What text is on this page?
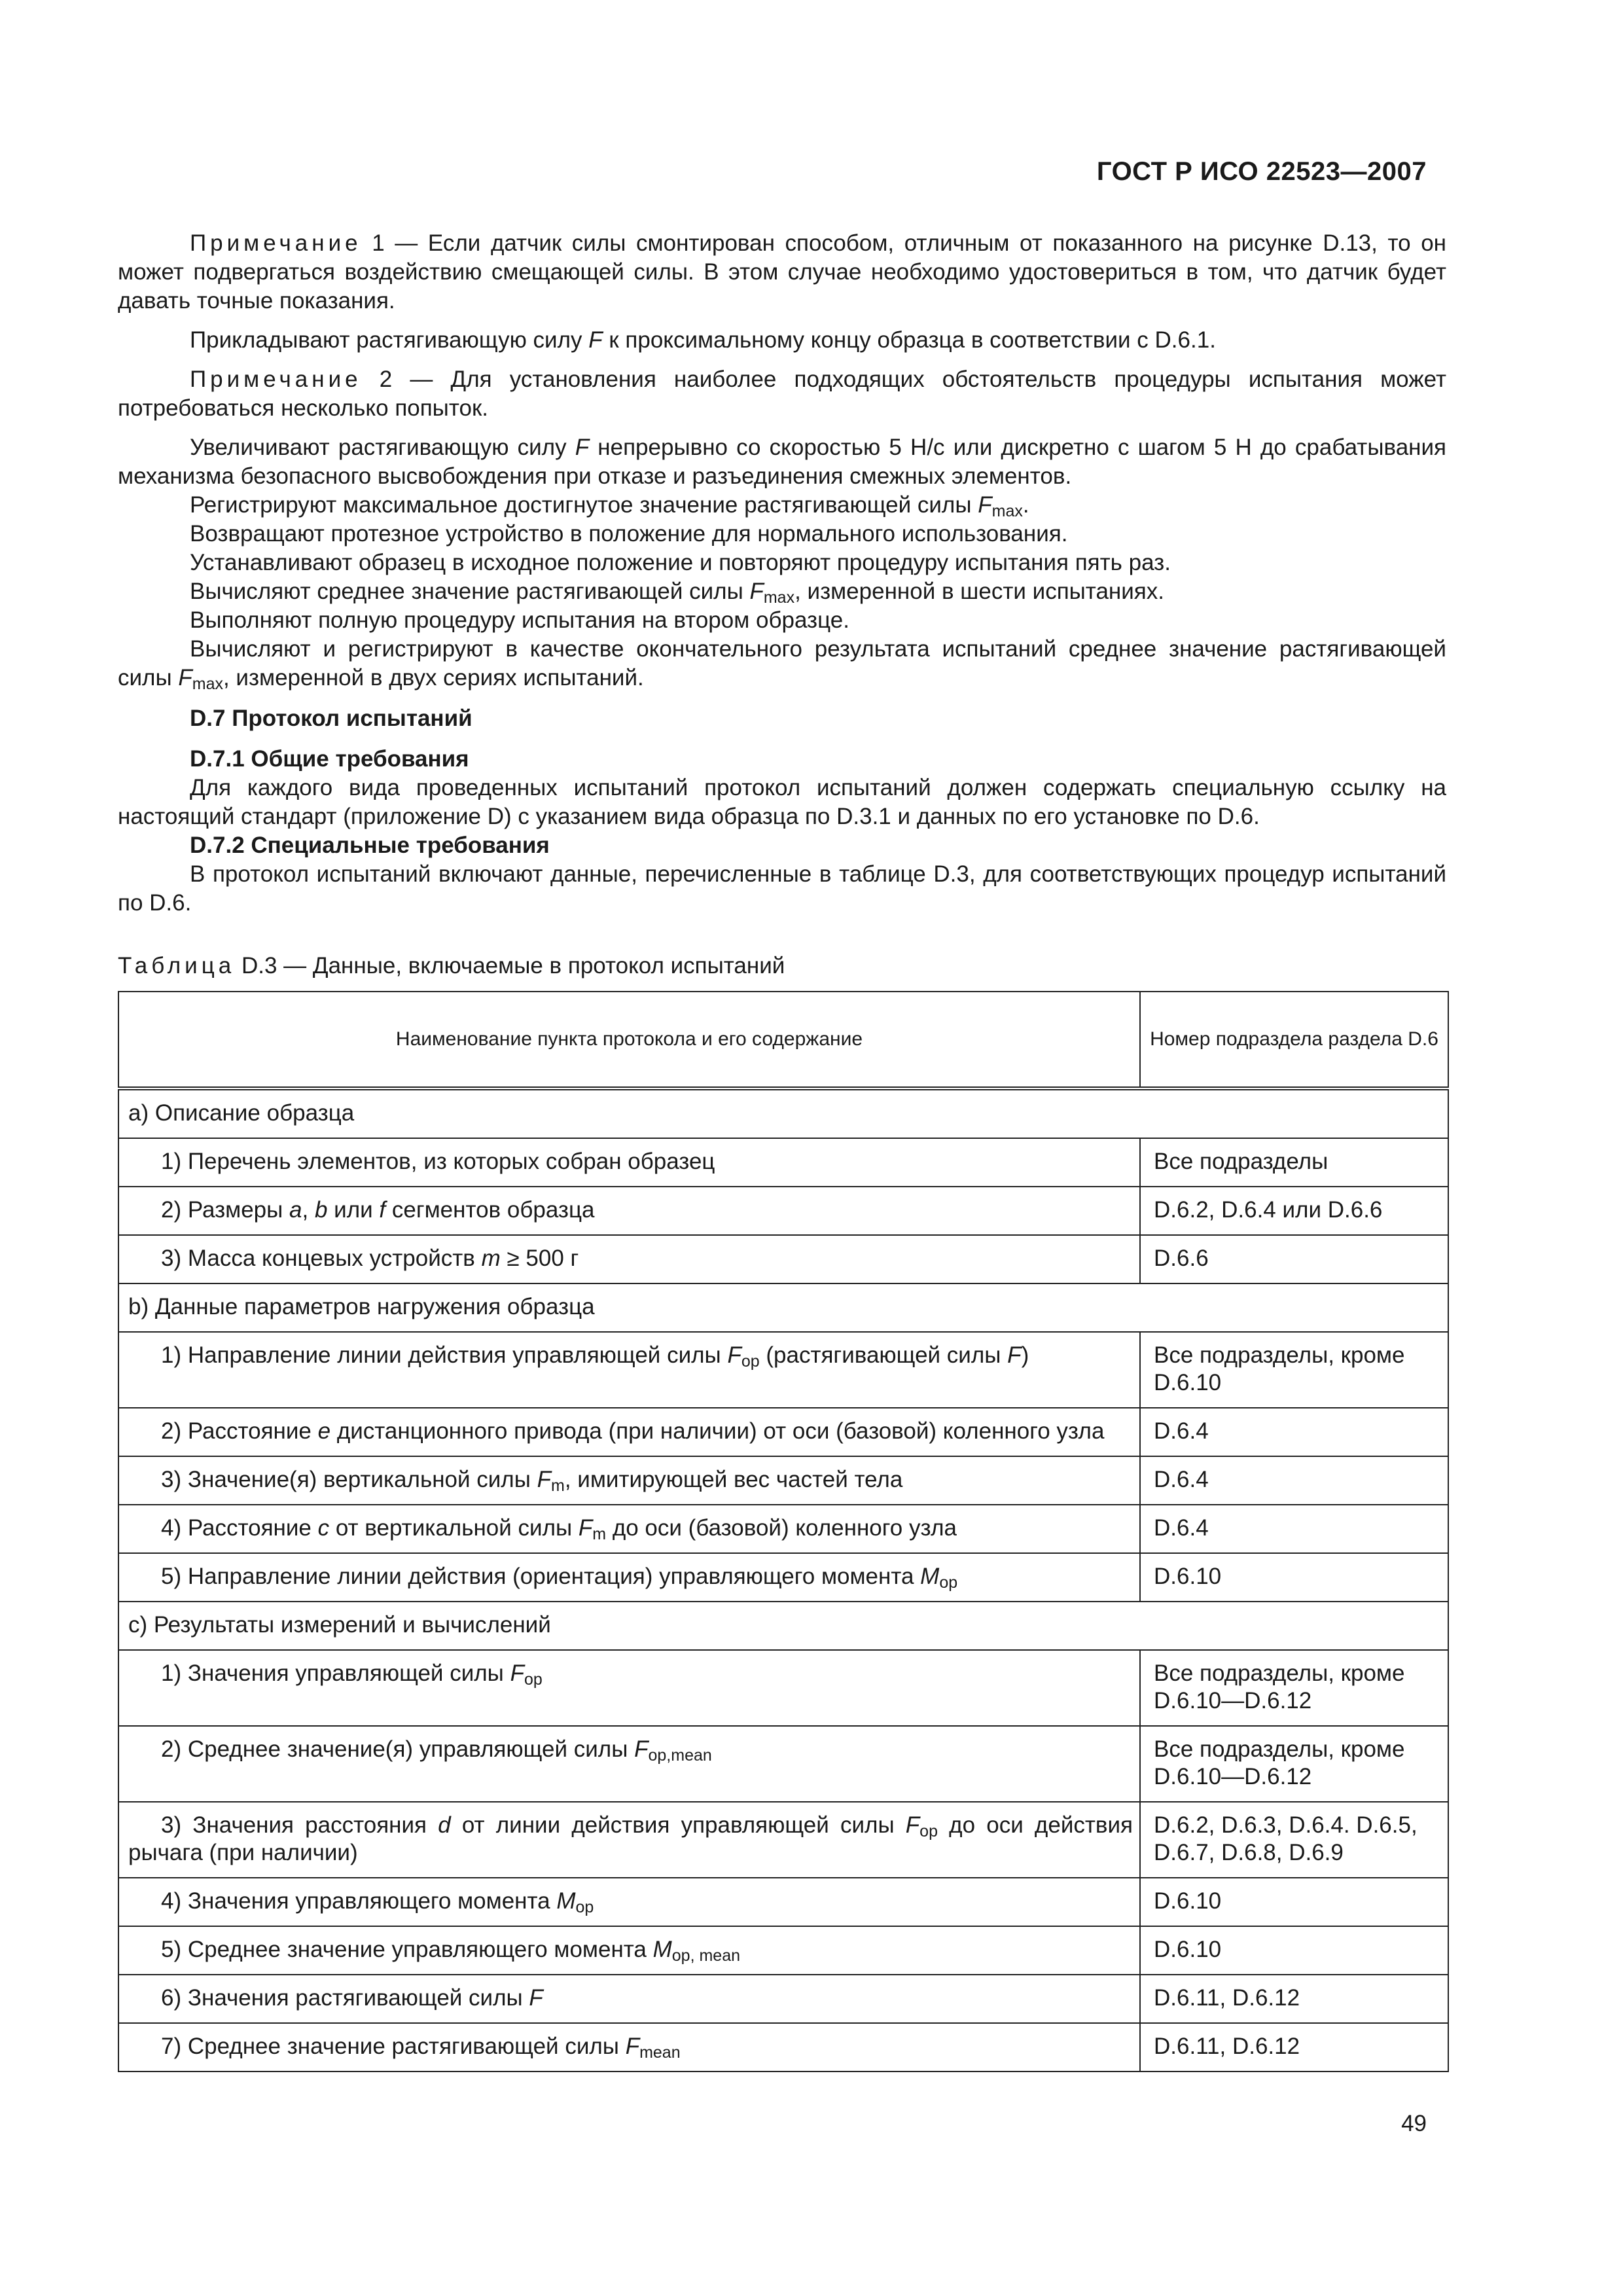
ГОСТ Р ИСО 22523—2007

Примечание 1 — Если датчик силы смонтирован способом, отличным от показанного на рисунке D.13, то он может подвергаться воздействию смещающей силы. В этом случае необходимо удостовериться в том, что датчик будет давать точные показания.

Прикладывают растягивающую силу F к проксимальному концу образца в соответствии с D.6.1.

Примечание 2 — Для установления наиболее подходящих обстоятельств процедуры испытания может потребоваться несколько попыток.

Увеличивают растягивающую силу F непрерывно со скоростью 5 Н/с или дискретно с шагом 5 Н до срабатывания механизма безопасного высвобождения при отказе и разъединения смежных элементов.

Регистрируют максимальное достигнутое значение растягивающей силы $F_{max}$.

Возвращают протезное устройство в положение для нормального использования.

Устанавливают образец в исходное положение и повторяют процедуру испытания пять раз.

Вычисляют среднее значение растягивающей силы $F_{max}$, измеренной в шести испытаниях.

Выполняют полную процедуру испытания на втором образце.

Вычисляют и регистрируют в качестве окончательного результата испытаний среднее значение растягивающей силы $F_{max}$, измеренной в двух сериях испытаний.

D.7 Протокол испытаний

D.7.1 Общие требования

Для каждого вида проведенных испытаний протокол испытаний должен содержать специальную ссылку на настоящий стандарт (приложение D) с указанием вида образца по D.3.1 и данных по его установке по D.6.

D.7.2 Специальные требования

В протокол испытаний включают данные, перечисленные в таблице D.3, для соответствующих процедур испытаний по D.6.

Таблица D.3 — Данные, включаемые в протокол испытаний

Наименование пункта протокола и его содержание	Номер подраздела раздела D.6
а) Описание образца	

1) Перечень элементов, из которых собран образец	Все подразделы

2) Размеры a, b или f сегментов образца	D.6.2, D.6.4 или D.6.6

3) Масса концевых устройств m ≥ 500 г	D.6.6
b) Данные параметров нагружения образца	

1) Направление линии действия управляющей силы $F_{op}$ (растягивающей силы F)	Все подразделы, кроме D.6.10

2) Расстояние e дистанционного привода (при наличии) от оси (базовой) коленного узла	D.6.4

3) Значение(я) вертикальной силы $F_m$, имитирующей вес частей тела	D.6.4

4) Расстояние c от вертикальной силы $F_m$ до оси (базовой) коленного узла	D.6.4

5) Направление линии действия (ориентация) управляющего момента $M_{op}$	D.6.10
c) Результаты измерений и вычислений	

1) Значения управляющей силы $F_{op}$	Все подразделы, кроме D.6.10—D.6.12

2) Среднее значение(я) управляющей силы $F_{op,mean}$	Все подразделы, кроме D.6.10—D.6.12

3) Значения расстояния d от линии действия управляющей силы $F_{op}$ до оси действия рычага (при наличии)	D.6.2, D.6.3, D.6.4. D.6.5, D.6.7, D.6.8, D.6.9

4) Значения управляющего момента $M_{op}$	D.6.10

5) Среднее значение управляющего момента $M_{op, mean}$	D.6.10

6) Значения растягивающей силы F	D.6.11, D.6.12

7) Среднее значение растягивающей силы $F_{mean}$	D.6.11, D.6.12
49
